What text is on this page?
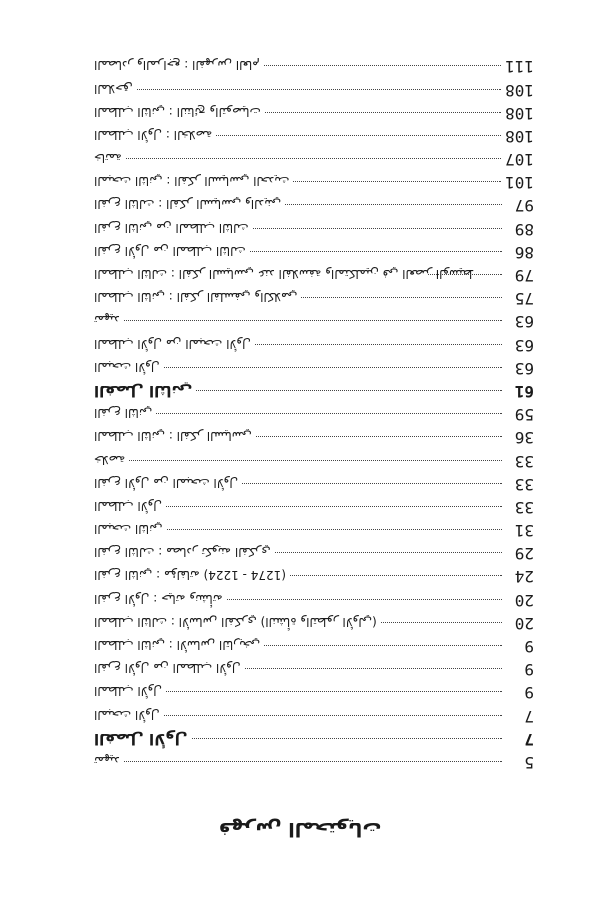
فهرس المحتويات
تمهيد	5
الفصل الأول	7
المبحث الأول	7
المطلب الأول	9
الفرع الأول من المطلب الأول	9
المطلب الثاني : الأساس التاريخي	9
المطلب الثالث : الأساس الفكري (النشأة والتطور الأولي)	20
الفرع الأول : حياته ونشأته	20
الفرع الثاني : مؤلفاته (1224 - 1274)	24
الفرع الثالث : مصادر تكوينه الفكري	29
المبحث الثاني	31
المطلب الأول	33
الفرع الأول من المبحث الأول	33
خلاصة	33
المطلب الثاني : الفكر السياسي	36
الفرع الثاني	59
الفصل الثاني	61
المبحث الأول	63
المطلب الأول من المبحث الأول	63
تمهيد	63
المطلب الثاني : الفكر الفلسفي والكلامي	75
المطلب الثالث : الفكر السياسي عند الفلاسفة والمتكلمين في العصر الوسيط	79
الفرع الأول من المطلب الثالث	86
الفرع الثاني من المطلب الثالث	89
الفرع الثالث : الفكر السياسي والديني	97
المبحث الثاني : الفكر السياسي الحديث	101
خاتمة	107
المطلب الأول : الخلاصة	108
المطلب الثاني : النتائج والتوصيات	108
الملاحق	108
المصادر والمراجع : الفهرس العام	111
